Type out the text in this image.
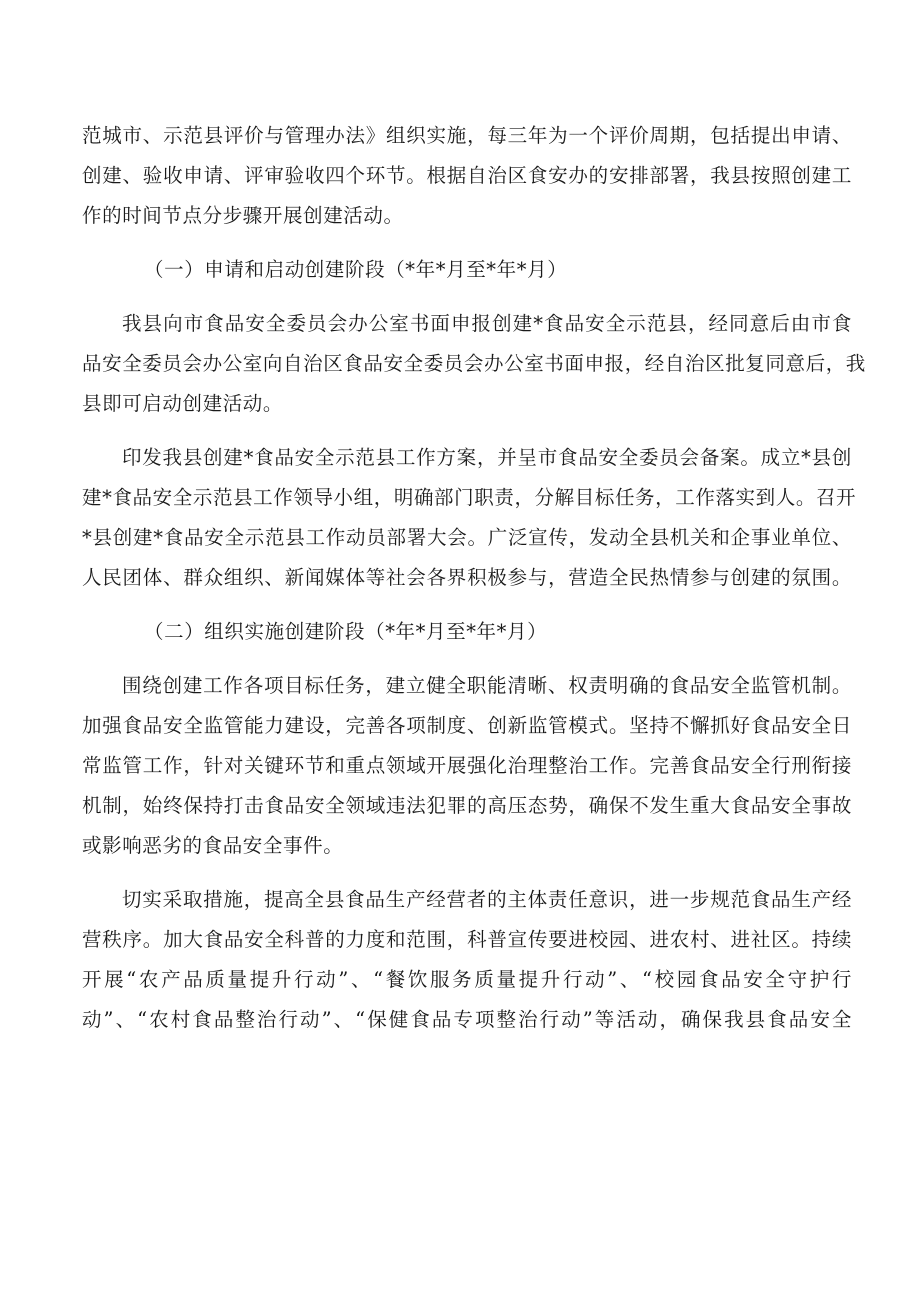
范城市、示范县评价与管理办法》组织实施，每三年为一个评价周期，包括提出申请、
创建、验收申请、评审验收四个环节。根据自治区食安办的安排部署，我县按照创建工
作的时间节点分步骤开展创建活动。
（一）申请和启动创建阶段（*年*月至*年*月）
我县向市食品安全委员会办公室书面申报创建*食品安全示范县，经同意后由市食
品安全委员会办公室向自治区食品安全委员会办公室书面申报，经自治区批复同意后，我
县即可启动创建活动。
印发我县创建*食品安全示范县工作方案，并呈市食品安全委员会备案。成立*县创
建*食品安全示范县工作领导小组，明确部门职责，分解目标任务，工作落实到人。召开
*县创建*食品安全示范县工作动员部署大会。广泛宣传，发动全县机关和企事业单位、
人民团体、群众组织、新闻媒体等社会各界积极参与，营造全民热情参与创建的氛围。
（二）组织实施创建阶段（*年*月至*年*月）
围绕创建工作各项目标任务，建立健全职能清晰、权责明确的食品安全监管机制。
加强食品安全监管能力建设，完善各项制度、创新监管模式。坚持不懈抓好食品安全日
常监管工作，针对关键环节和重点领域开展强化治理整治工作。完善食品安全行刑衔接
机制，始终保持打击食品安全领域违法犯罪的高压态势，确保不发生重大食品安全事故
或影响恶劣的食品安全事件。
切实采取措施，提高全县食品生产经营者的主体责任意识，进一步规范食品生产经
营秩序。加大食品安全科普的力度和范围，科普宣传要进校园、进农村、进社区。持续
开展“农产品质量提升行动”、“餐饮服务质量提升行动”、“校园食品安全守护行
动”、“农村食品整治行动”、“保健食品专项整治行动”等活动，确保我县食品安全
